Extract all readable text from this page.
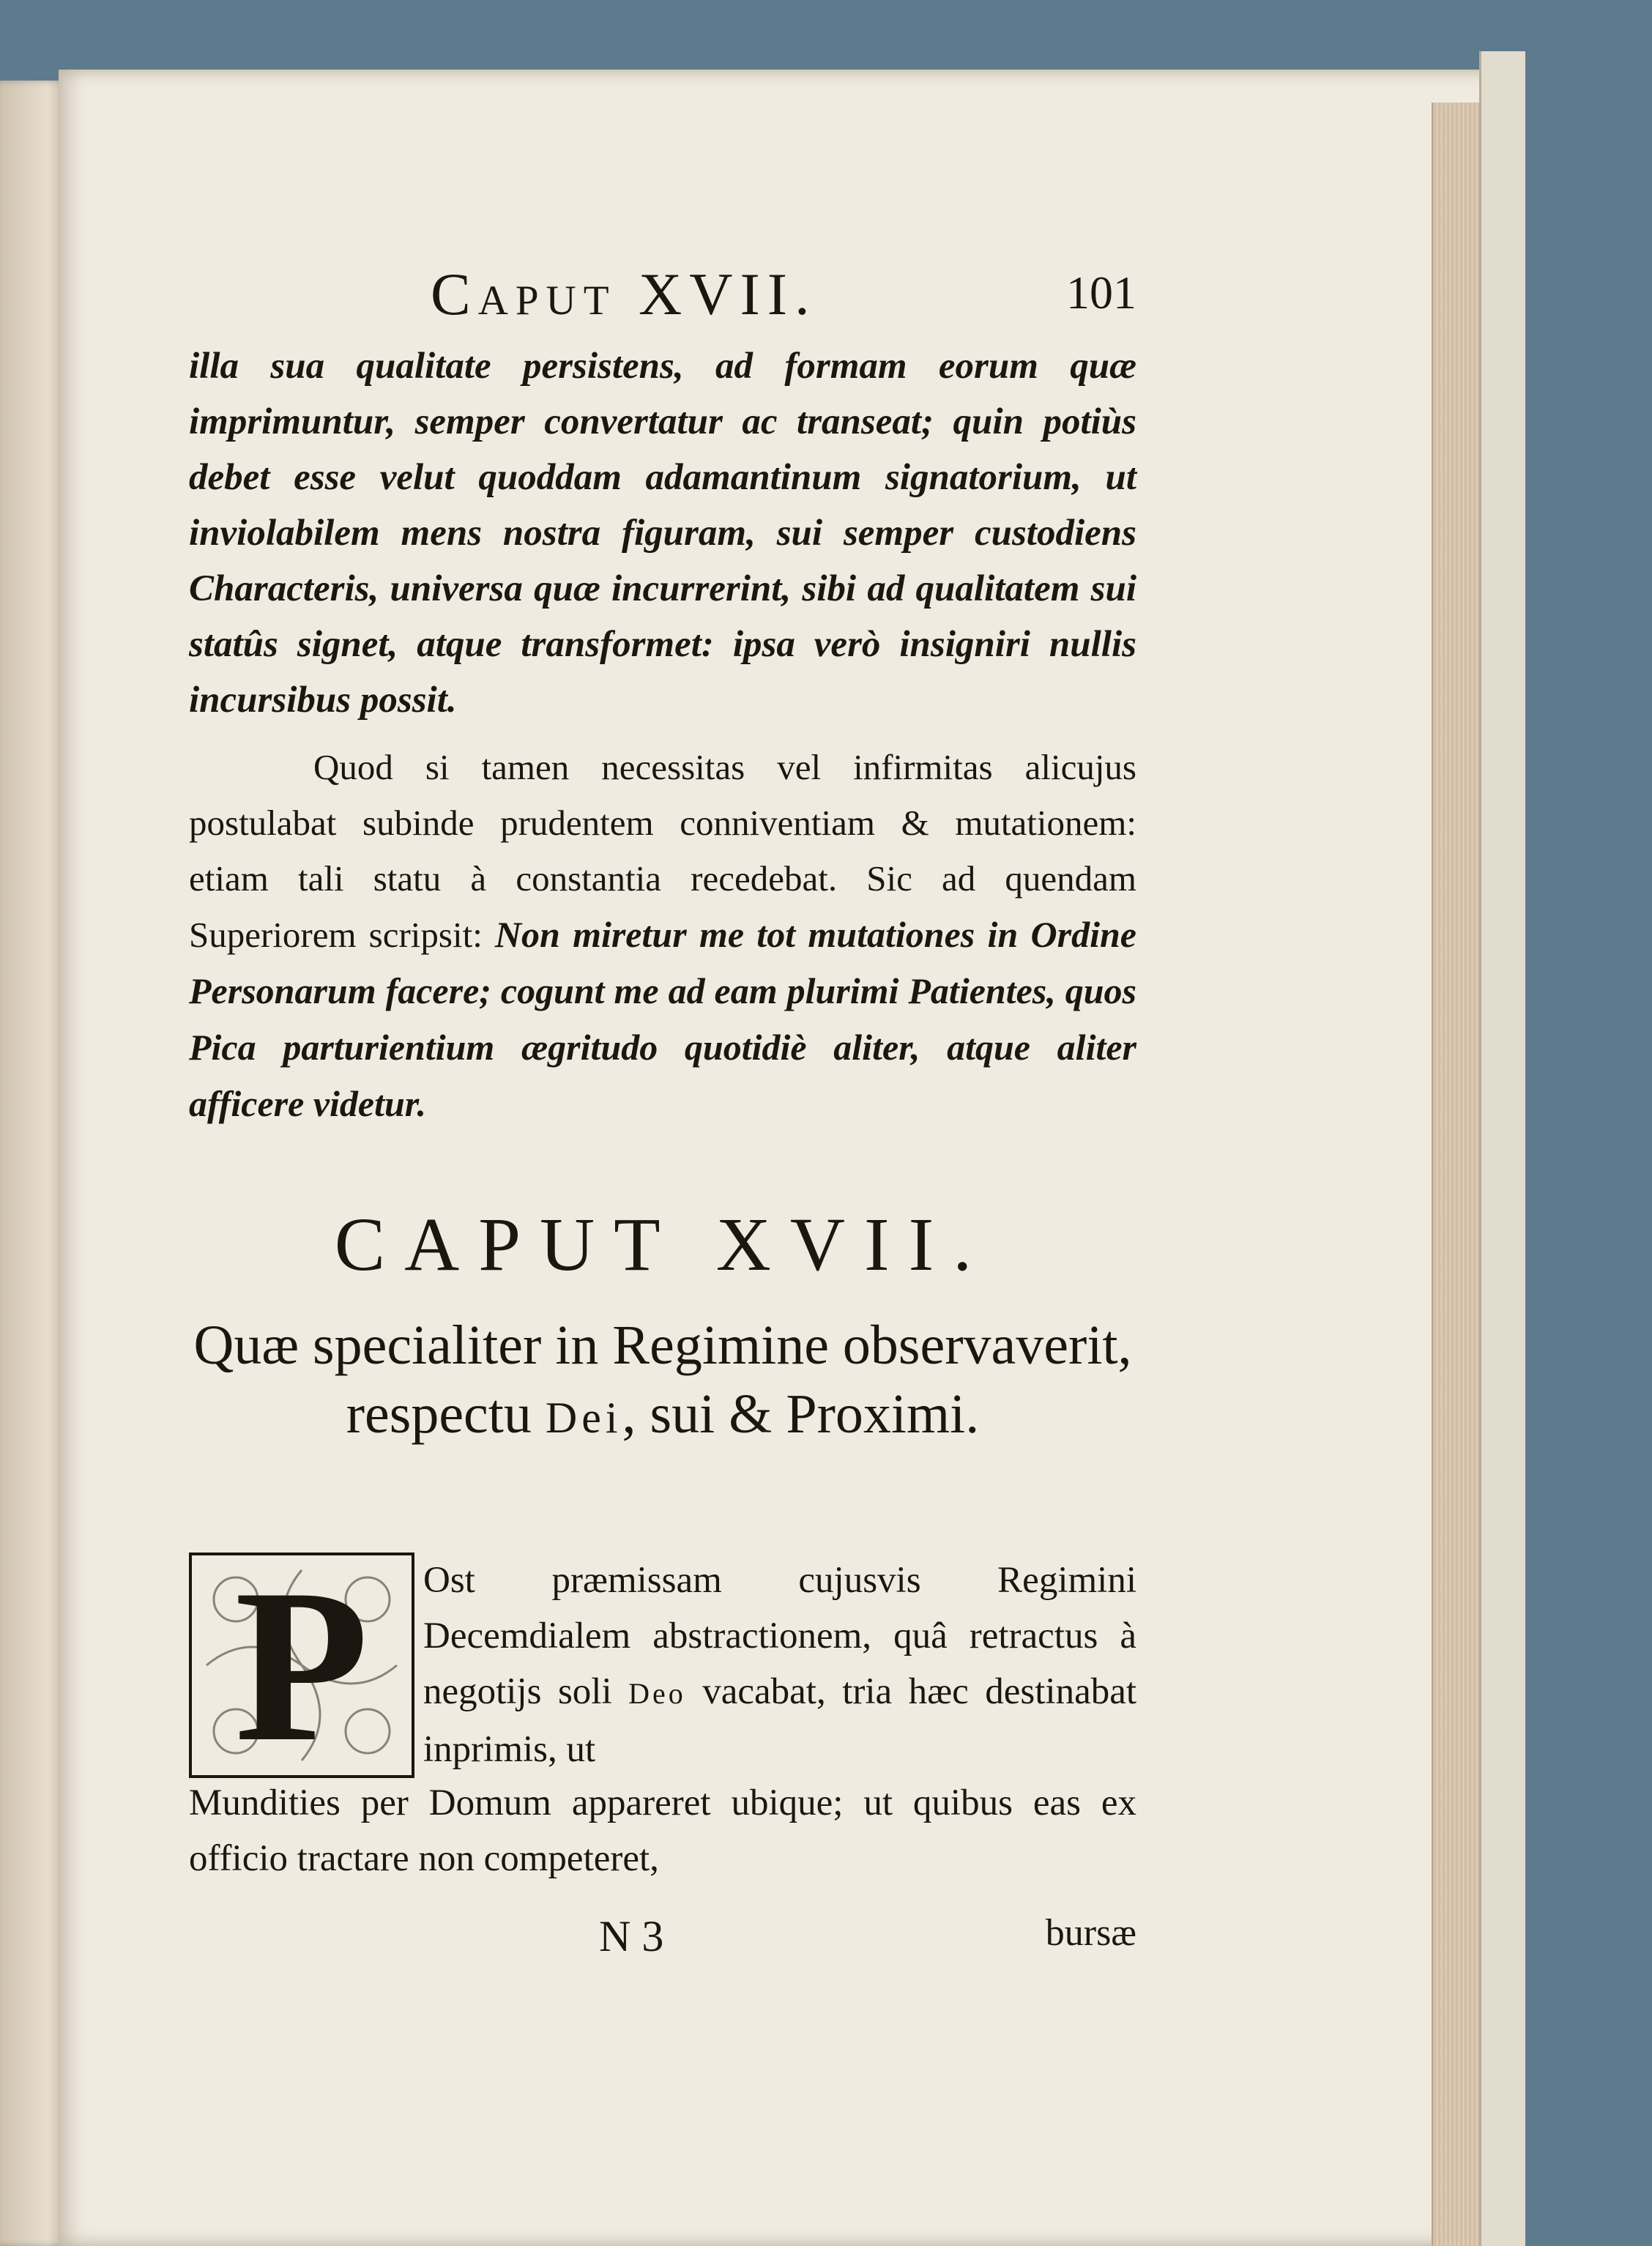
Caput XVII.	101
illa sua qualitate persistens, ad formam eorum quæ imprimuntur, semper convertatur ac transeat; quin potiùs debet esse velut quoddam adamantinum signatorium, ut inviolabilem mens nostra figuram, sui semper custodiens Characteris, universa quæ incurrerint, sibi ad qualitatem sui statûs signet, atque transformet: ipsa verò insigniri nullis incursibus possit.
Quod si tamen necessitas vel infirmitas alicujus postulabat subinde prudentem conniventiam & mutationem: etiam tali statu à constantia recedebat. Sic ad quendam Superiorem scripsit: Non miretur me tot mutationes in Ordine Personarum facere; cogunt me ad eam plurimi Patientes, quos Pica parturientium ægritudo quotidiè aliter, atque aliter afficere videtur.
CAPUT XVII.
Quæ specialiter in Regimine observaverit, respectu Dei, sui & Proximi.
P	Ost præmissam cujusvis Regimini Decemdialem abstractionem, quâ retractus à negotijs soli Deo vacabat, tria hæc destinabat inprimis, ut
Mundities per Domum appareret ubique; ut quibus eas ex officio tractare non competeret,
N 3	bursæ
